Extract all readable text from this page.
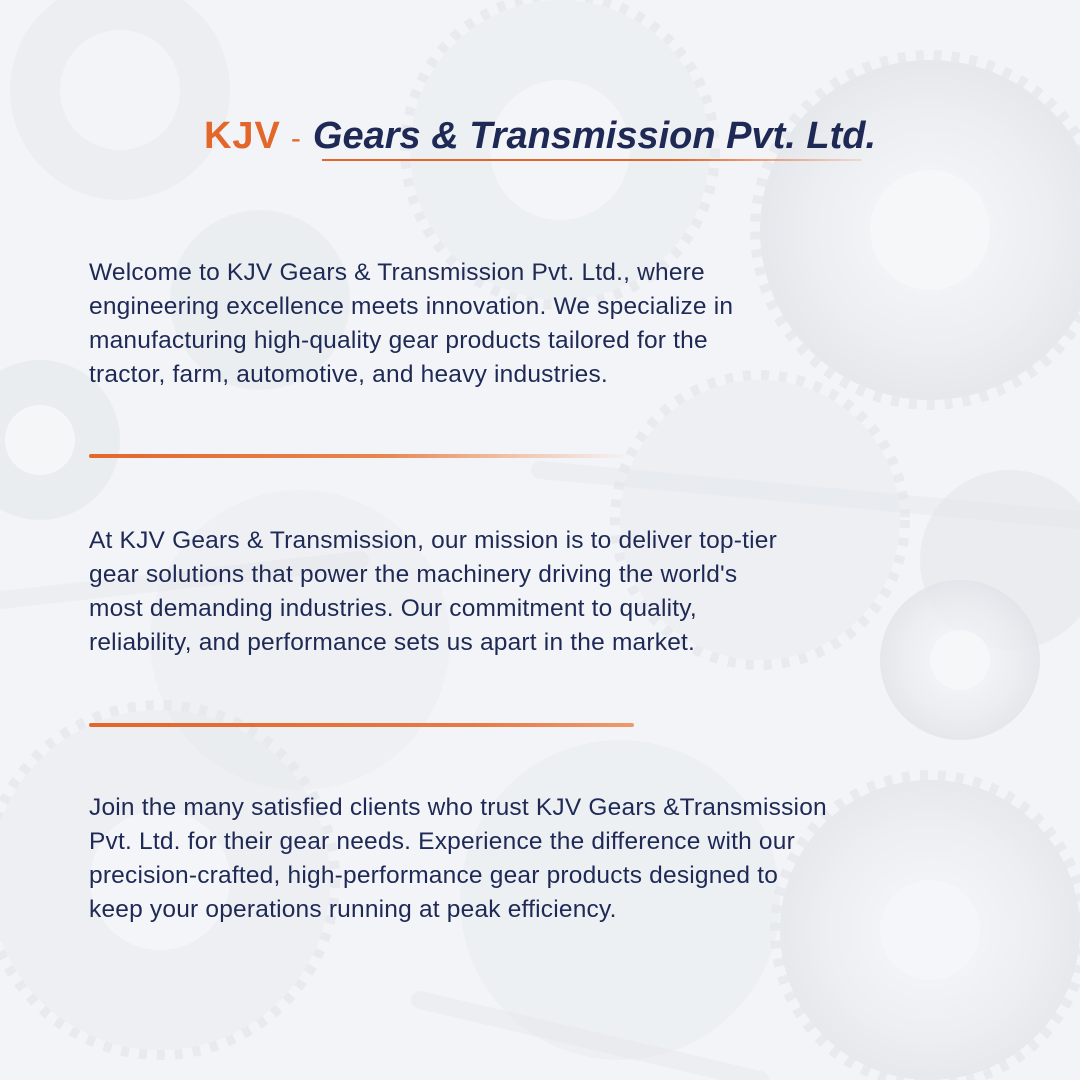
KJV - Gears & Transmission Pvt. Ltd.
Welcome to KJV Gears & Transmission Pvt. Ltd., where
engineering excellence meets innovation. We specialize in
manufacturing high-quality gear products tailored for the
tractor, farm, automotive, and heavy industries.
At KJV Gears & Transmission, our mission is to deliver top-tier
gear solutions that power the machinery driving the world's
most demanding industries. Our commitment to quality,
reliability, and performance sets us apart in the market.
Join the many satisfied clients who trust KJV Gears &Transmission
Pvt. Ltd. for their gear needs. Experience the difference with our
precision-crafted, high-performance gear products designed to
keep your operations running at peak efficiency.
